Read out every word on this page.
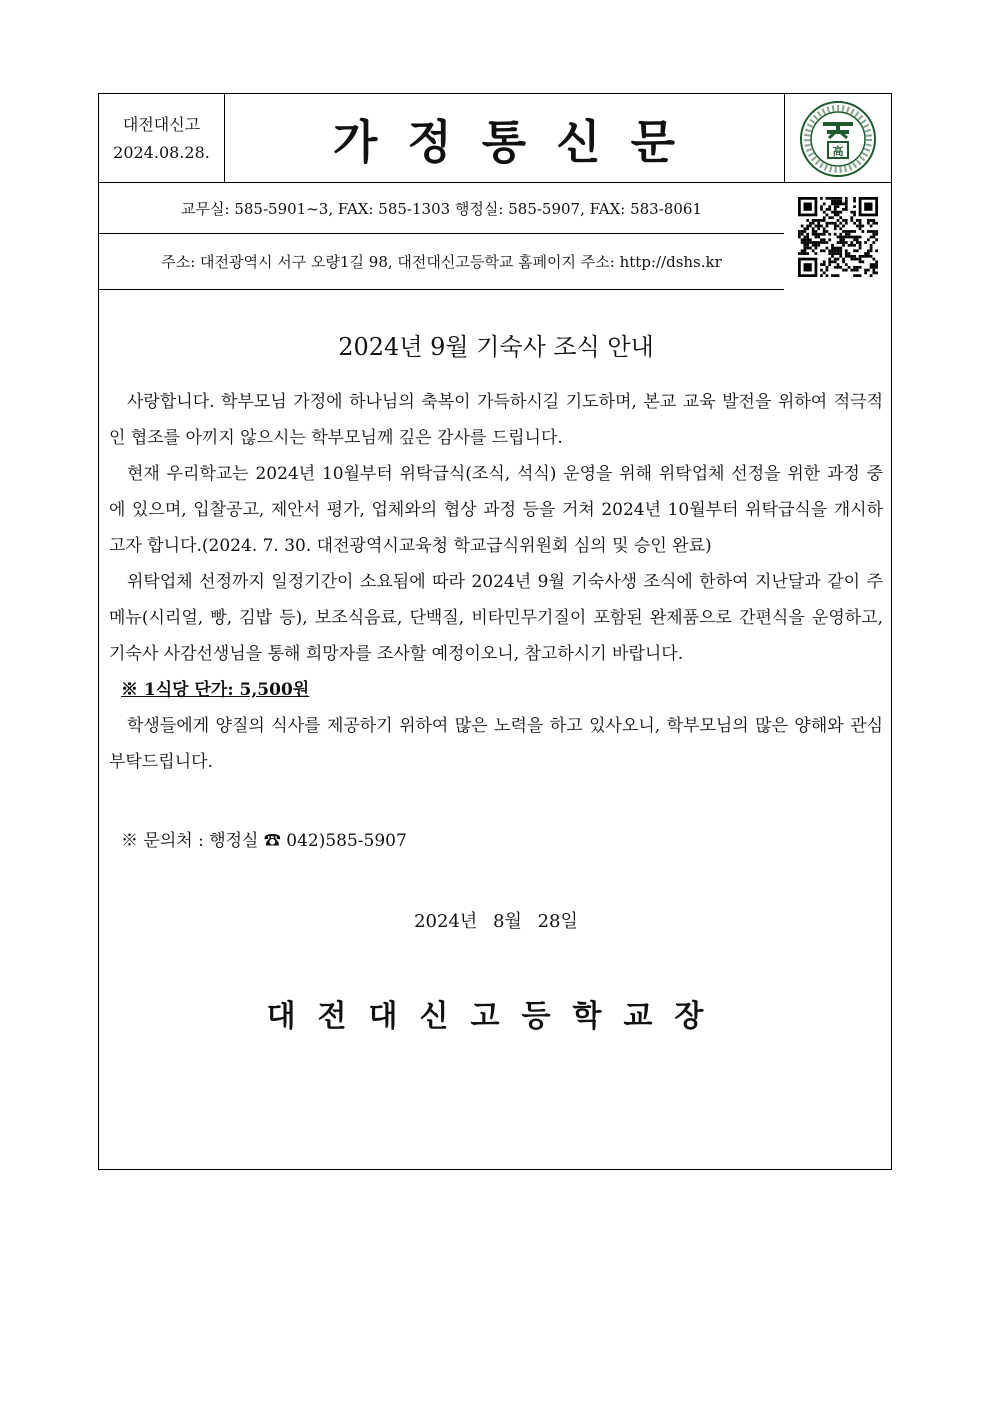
대전대신고
2024.08.28.	가정통신문	高
교무실: 585-5901~3, FAX: 585-1303 행정실: 585-5907, FAX: 583-8061
주소: 대전광역시 서구 오량1길 98, 대전대신고등학교 홈페이지 주소: http://dshs.kr
2024년 9월 기숙사 조식 안내

사랑합니다. 학부모님 가정에 하나님의 축복이 가득하시길 기도하며, 본교 교육 발전을 위하여 적극적인 협조를 아끼지 않으시는 학부모님께 깊은 감사를 드립니다.

현재 우리학교는 2024년 10월부터 위탁급식(조식, 석식) 운영을 위해 위탁업체 선정을 위한 과정 중에 있으며, 입찰공고, 제안서 평가, 업체와의 협상 과정 등을 거쳐 2024년 10월부터 위탁급식을 개시하고자 합니다.(2024. 7. 30. 대전광역시교육청 학교급식위원회 심의 및 승인 완료)

위탁업체 선정까지 일정기간이 소요됨에 따라 2024년 9월 기숙사생 조식에 한하여 지난달과 같이 주메뉴(시리얼, 빵, 김밥 등), 보조식음료, 단백질, 비타민무기질이 포함된 완제품으로 간편식을 운영하고, 기숙사 사감선생님을 통해 희망자를 조사할 예정이오니, 참고하시기 바랍니다.

※ 1식당 단가: 5,500원

학생들에게 양질의 식사를 제공하기 위하여 많은 노력을 하고 있사오니, 학부모님의 많은 양해와 관심 부탁드립니다.

※ 문의처 : 행정실 ☎ 042)585-5907
2024년 8월 28일
대전대신고등학교장
